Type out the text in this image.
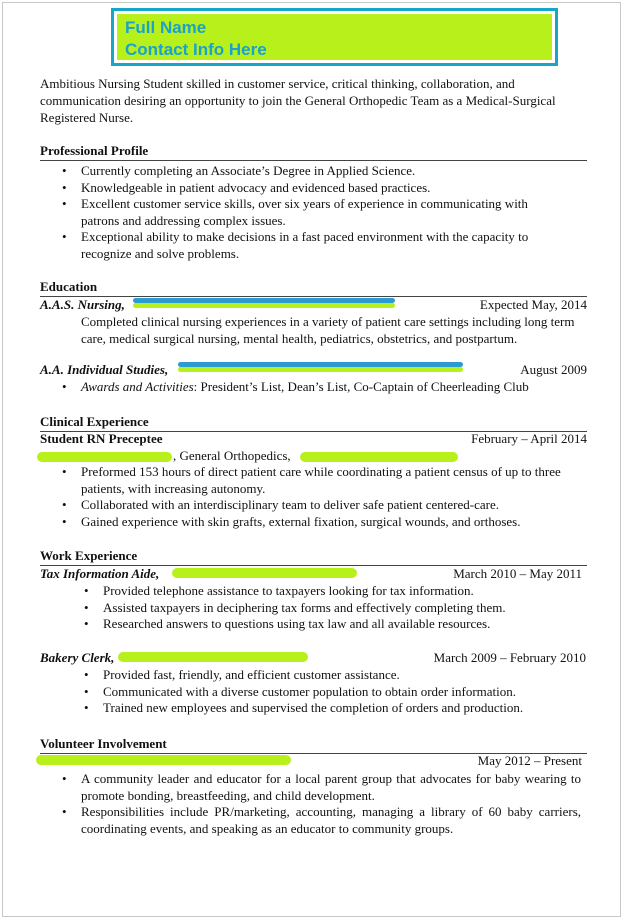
Full Name
Contact Info Here
Ambitious Nursing Student skilled in customer service, critical thinking, collaboration, and communication desiring an opportunity to join the General Orthopedic Team as a Medical-Surgical Registered Nurse.
Professional Profile
• Currently completing an Associate’s Degree in Applied Science.
• Knowledgeable in patient advocacy and evidenced based practices.
• Excellent customer service skills, over six years of experience in communicating with patrons and addressing complex issues.
• Exceptional ability to make decisions in a fast paced environment with the capacity to recognize and solve problems.
Education
A.A.S. Nursing,	Expected May, 2014
Completed clinical nursing experiences in a variety of patient care settings including long term care, medical surgical nursing, mental health, pediatrics, obstetrics, and postpartum.
A.A. Individual Studies,	August 2009
• Awards and Activities: President’s List, Dean’s List, Co-Captain of Cheerleading Club
Clinical Experience
Student RN Preceptee	February – April 2014
, General Orthopedics,
• Preformed 153 hours of direct patient care while coordinating a patient census of up to three patients, with increasing autonomy.
• Collaborated with an interdisciplinary team to deliver safe patient centered-care.
• Gained experience with skin grafts, external fixation, surgical wounds, and orthoses.
Work Experience
Tax Information Aide,	March 2010 – May 2011
• Provided telephone assistance to taxpayers looking for tax information.
• Assisted taxpayers in deciphering tax forms and effectively completing them.
• Researched answers to questions using tax law and all available resources.
Bakery Clerk,	March 2009 – February 2010
• Provided fast, friendly, and efficient customer assistance.
• Communicated with a diverse customer population to obtain order information.
• Trained new employees and supervised the completion of orders and production.
Volunteer Involvement
May 2012 – Present
• A community leader and educator for a local parent group that advocates for baby wearing to promote bonding, breastfeeding, and child development.
• Responsibilities include PR/marketing, accounting, managing a library of 60 baby carriers, coordinating events, and speaking as an educator to community groups.
